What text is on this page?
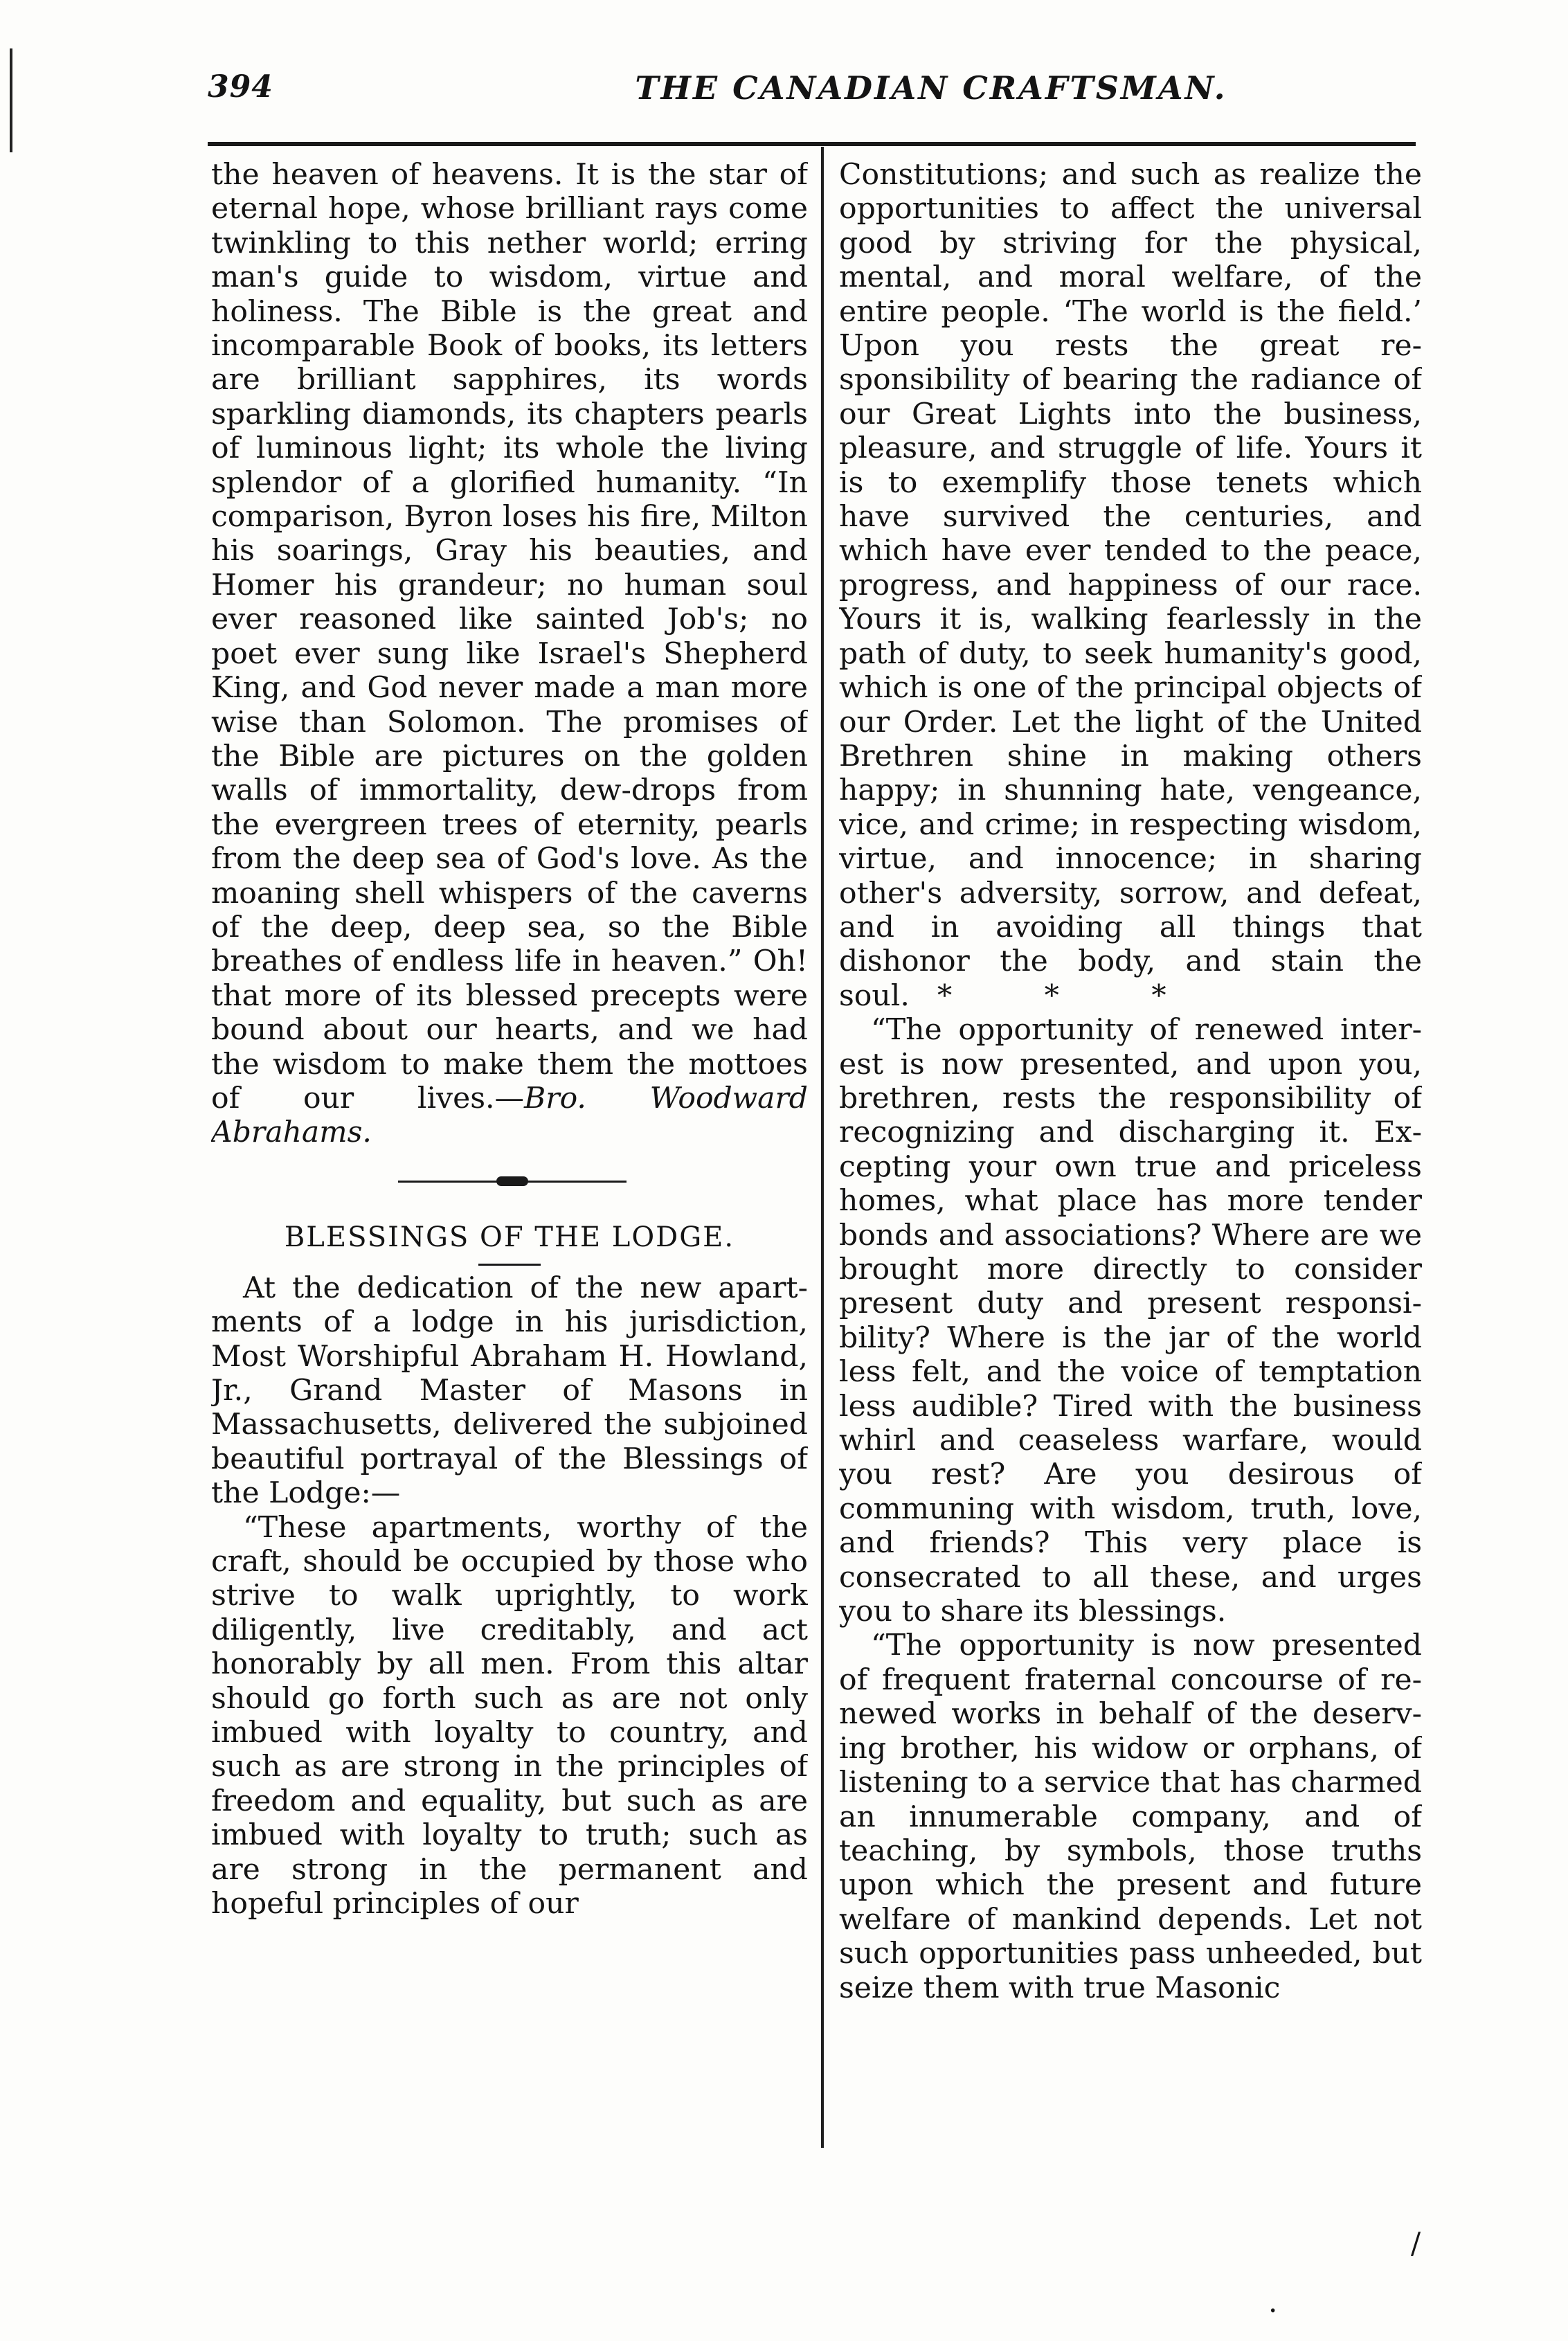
394	THE CANADIAN CRAFTSMAN.

the heaven of heavens. It is the star of eternal hope, whose brilliant rays come twinkling to this nether world; erring man's guide to wisdom, virtue and holiness. The Bible is the great and incomparable Book of books, its letters are brilliant sapphires, its words sparkling diamonds, its chapters pearls of luminous light; its whole the living splendor of a glorified humanity. “In comparison, Byron loses his fire, Milton his soarings, Gray his beauties, and Homer his grandeur; no human soul ever reasoned like sainted Job's; no poet ever sung like Israel's Shepherd King, and God never made a man more wise than Solomon. The promises of the Bible are pictures on the golden walls of immortality, dew-drops from the evergreen trees of eternity, pearls from the deep sea of God's love. As the moaning shell whispers of the caverns of the deep, deep sea, so the Bible breathes of endless life in heaven.” Oh! that more of its blessed precepts were bound about our hearts, and we had the wisdom to make them the mottoes of our lives.—Bro. Woodward Abrahams.

BLESSINGS OF THE LODGE.

At the dedication of the new apartments of a lodge in his jurisdiction, Most Worshipful Abraham H. Howland, Jr., Grand Master of Masons in Massachusetts, delivered the subjoined beautiful portrayal of the Blessings of the Lodge:—

“These apartments, worthy of the craft, should be occupied by those who strive to walk uprightly, to work diligently, live creditably, and act honorably by all men. From this altar should go forth such as are not only imbued with loyalty to country, and such as are strong in the principles of freedom and equality, but such as are imbued with loyalty to truth; such as are strong in the permanent and hopeful principles of our

Constitutions; and such as realize the opportunities to affect the universal good by striving for the physical, mental, and moral welfare, of the entire people. ‘The world is the field.’ Upon you rests the great responsibility of bearing the radiance of our Great Lights into the business, pleasure, and struggle of life. Yours it is to exemplify those tenets which have survived the centuries, and which have ever tended to the peace, progress, and happiness of our race. Yours it is, walking fearlessly in the path of duty, to seek humanity's good, which is one of the principal objects of our Order. Let the light of the United Brethren shine in making others happy; in shunning hate, vengeance, vice, and crime; in respecting wisdom, virtue, and innocence; in sharing other's adversity, sorrow, and defeat, and in avoiding all things that dishonor the body, and stain the soul. * * *

“The opportunity of renewed interest is now presented, and upon you, brethren, rests the responsibility of recognizing and discharging it. Excepting your own true and priceless homes, what place has more tender bonds and associations? Where are we brought more directly to consider present duty and present responsibility? Where is the jar of the world less felt, and the voice of temptation less audible? Tired with the business whirl and ceaseless warfare, would you rest? Are you desirous of communing with wisdom, truth, love, and friends? This very place is consecrated to all these, and urges you to share its blessings.

“The opportunity is now presented of frequent fraternal concourse of renewed works in behalf of the deserving brother, his widow or orphans, of listening to a service that has charmed an innumerable company, and of teaching, by symbols, those truths upon which the present and future welfare of mankind depends. Let not such opportunities pass unheeded, but seize them with true Masonic

/
.
